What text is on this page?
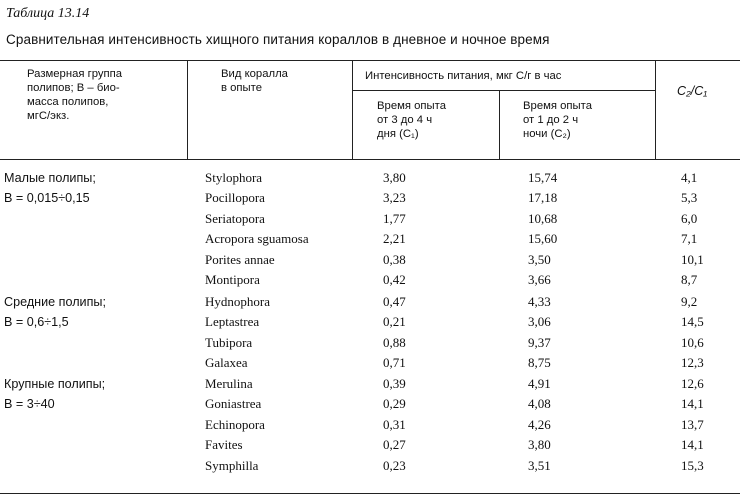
Таблица 13.14
Сравнительная интенсивность хищного питания кораллов в дневное и ночное время
Размерная группа
полипов; B – био-
масса полипов,
мгС/экз.
Вид коралла
в опыте
Интенсивность питания, мкг С/г в час
Время опыта
от 3 до 4 ч
дня (C₁)
Время опыта
от 1 до 2 ч
ночи (C₂)
C₂/C₁
Малые полипы;
B = 0,015÷0,15
Stylophora	3,80	15,74	4,1
Pocillopora	3,23	17,18	5,3
Seriatopora	1,77	10,68	6,0
Acropora sguamosa	2,21	15,60	7,1
Porites annae	0,38	3,50	10,1
Montipora	0,42	3,66	8,7
Средние полипы;
B = 0,6÷1,5
Hydnophora	0,47	4,33	9,2
Leptastrea	0,21	3,06	14,5
Tubipora	0,88	9,37	10,6
Galaxea	0,71	8,75	12,3
Крупные полипы;
B = 3÷40
Merulina	0,39	4,91	12,6
Goniastrea	0,29	4,08	14,1
Echinopora	0,31	4,26	13,7
Favites	0,27	3,80	14,1
Symphilla	0,23	3,51	15,3
